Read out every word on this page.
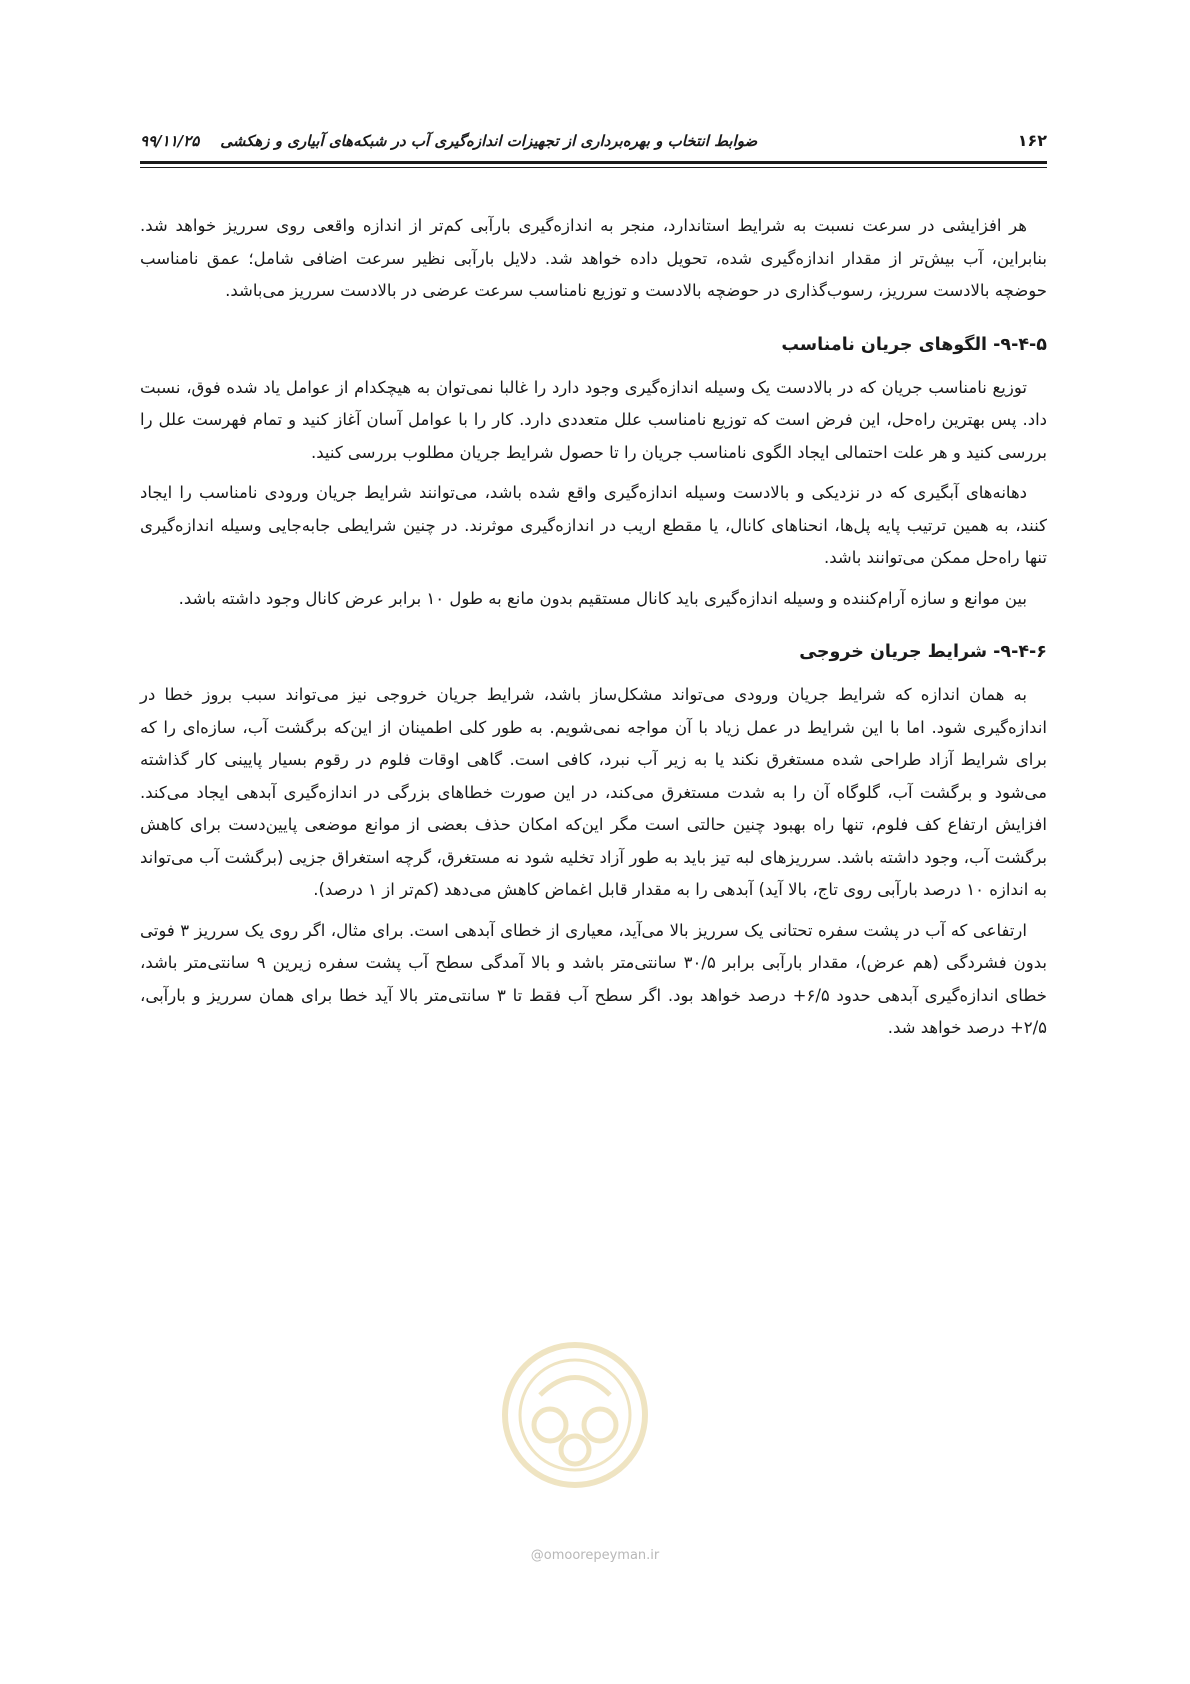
۱۶۲
ضوابط انتخاب و بهره‌برداری از تجهیزات اندازه‌گیری آب در شبکه‌های آبیاری و زهکشی    ۹۹/۱۱/۲۵

هر افزایشی در سرعت نسبت به شرایط استاندارد، منجر به اندازه‌گیری بارآبی کم‌تر از اندازه واقعی روی سرریز خواهد شد. بنابراین، آب بیش‌تر از مقدار اندازه‌گیری شده، تحویل داده خواهد شد. دلایل بارآبی نظیر سرعت اضافی شامل؛ عمق نامناسب حوضچه بالادست سرریز، رسوب‌گذاری در حوضچه بالادست و توزیع نامناسب سرعت عرضی در بالادست سرریز می‌باشد.

۹-۴-۵- الگوهای جریان نامناسب

توزیع نامناسب جریان که در بالادست یک وسیله اندازه‌گیری وجود دارد را غالبا نمی‌توان به هیچکدام از عوامل یاد شده فوق، نسبت داد. پس بهترین راه‌حل، این فرض است که توزیع نامناسب علل متعددی دارد. کار را با عوامل آسان آغاز کنید و تمام فهرست علل را بررسی کنید و هر علت احتمالی ایجاد الگوی نامناسب جریان را تا حصول شرایط جریان مطلوب بررسی کنید.

دهانه‌های آبگیری که در نزدیکی و بالادست وسیله اندازه‌گیری واقع شده باشد، می‌توانند شرایط جریان ورودی نامناسب را ایجاد کنند، به همین ترتیب پایه پل‌ها، انحناهای کانال، یا مقطع اریب در اندازه‌گیری موثرند. در چنین شرایطی جابه‌جایی وسیله اندازه‌گیری تنها راه‌حل ممکن می‌توانند باشد.

بین موانع و سازه آرام‌کننده و وسیله اندازه‌گیری باید کانال مستقیم بدون مانع به طول ۱۰ برابر عرض کانال وجود داشته باشد.

۹-۴-۶- شرایط جریان خروجی

به همان اندازه که شرایط جریان ورودی می‌تواند مشکل‌ساز باشد، شرایط جریان خروجی نیز می‌تواند سبب بروز خطا در اندازه‌گیری شود. اما با این شرایط در عمل زیاد با آن مواجه نمی‌شویم. به طور کلی اطمینان از این‌که برگشت آب، سازه‌ای را که برای شرایط آزاد طراحی شده مستغرق نکند یا به زیر آب نبرد، کافی است. گاهی اوقات فلوم در رقوم بسیار پایینی کار گذاشته می‌شود و برگشت آب، گلوگاه آن را به شدت مستغرق می‌کند، در این صورت خطاهای بزرگی در اندازه‌گیری آبدهی ایجاد می‌کند. افزایش ارتفاع کف فلوم، تنها راه بهبود چنین حالتی است مگر این‌که امکان حذف بعضی از موانع موضعی پایین‌دست برای کاهش برگشت آب، وجود داشته باشد. سرریزهای لبه تیز باید به طور آزاد تخلیه شود نه مستغرق، گرچه استغراق جزیی (برگشت آب می‌تواند به اندازه ۱۰ درصد بارآبی روی تاج، بالا آید) آبدهی را به مقدار قابل اغماض کاهش می‌دهد (کم‌تر از ۱ درصد).

ارتفاعی که آب در پشت سفره تحتانی یک سرریز بالا می‌آید، معیاری از خطای آبدهی است. برای مثال، اگر روی یک سرریز ۳ فوتی بدون فشردگی (هم عرض)، مقدار بارآبی برابر ۳۰/۵ سانتی‌متر باشد و بالا آمدگی سطح آب پشت سفره زیرین ۹ سانتی‌متر باشد، خطای اندازه‌گیری آبدهی حدود ۶/۵+ درصد خواهد بود. اگر سطح آب فقط تا ۳ سانتی‌متر بالا آید خطا برای همان سرریز و بارآبی، ۲/۵+ درصد خواهد شد.

@omoorepeyman.ir
